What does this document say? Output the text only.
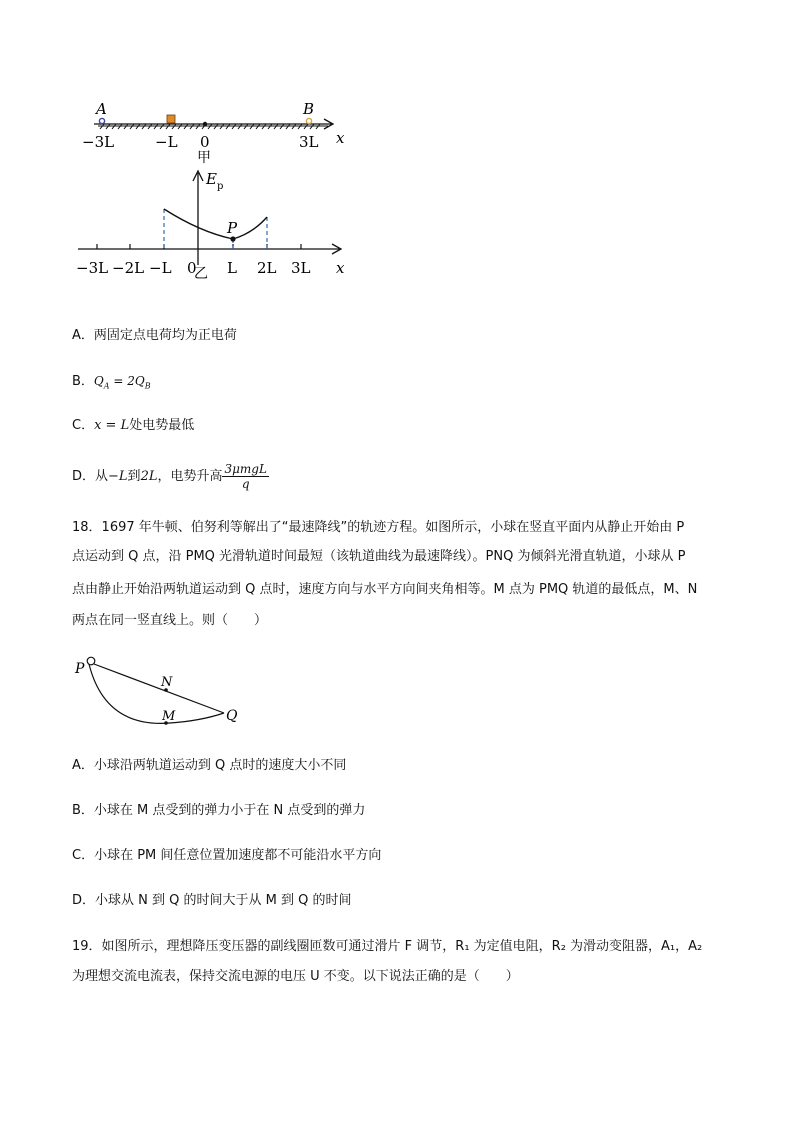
A	B
x
−3L	−L 0	3L
甲
$E_p$
P
x
−3L −2L −L 0 L 2L 3L
乙
A．两固定点电荷均为正电荷
B．$Q_A = 2Q_B$
C．x = L处电势最低
D．从−L到2L，电势升高 $\frac{\text{3μmgL}}{q}$
18．1697 年牛顿、伯努利等解出了“最速降线”的轨迹方程。如图所示，小球在竖直平面内从静止开始由 P
点运动到 Q 点，沿 PMQ 光滑轨道时间最短（该轨道曲线为最速降线）。PNQ 为倾斜光滑直轨道，小球从 P
点由静止开始沿两轨道运动到 Q 点时，速度方向与水平方向间夹角相等。M 点为 PMQ 轨道的最低点，M、N
两点在同一竖直线上。则（　　）
P
N
M	Q
A．小球沿两轨道运动到 Q 点时的速度大小不同
B．小球在 M 点受到的弹力小于在 N 点受到的弹力
C．小球在 PM 间任意位置加速度都不可能沿水平方向
D．小球从 N 到 Q 的时间大于从 M 到 Q 的时间
19．如图所示，理想降压变压器的副线圈匝数可通过滑片 F 调节，R₁ 为定值电阻，R₂ 为滑动变阻器，A₁，A₂
为理想交流电流表，保持交流电源的电压 U 不变。以下说法正确的是（　　）
